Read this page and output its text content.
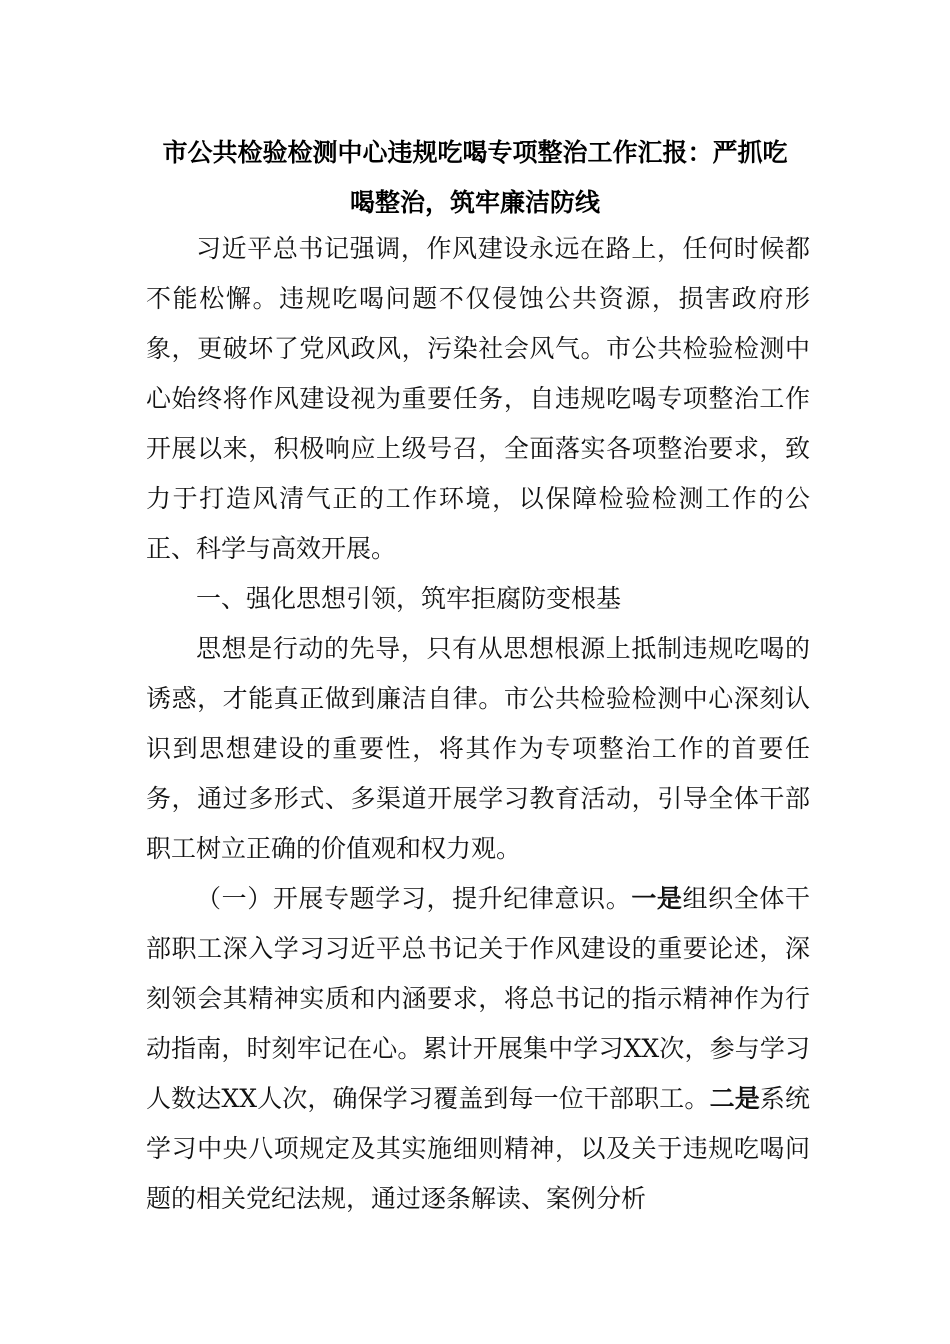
市公共检验检测中心违规吃喝专项整治工作汇报：严抓吃
喝整治，筑牢廉洁防线

习近平总书记强调，作风建设永远在路上，任何时候都不能松懈。违规吃喝问题不仅侵蚀公共资源，损害政府形象，更破坏了党风政风，污染社会风气。市公共检验检测中心始终将作风建设视为重要任务，自违规吃喝专项整治工作开展以来，积极响应上级号召，全面落实各项整治要求，致力于打造风清气正的工作环境，以保障检验检测工作的公正、科学与高效开展。

一、强化思想引领，筑牢拒腐防变根基

思想是行动的先导，只有从思想根源上抵制违规吃喝的诱惑，才能真正做到廉洁自律。市公共检验检测中心深刻认识到思想建设的重要性，将其作为专项整治工作的首要任务，通过多形式、多渠道开展学习教育活动，引导全体干部职工树立正确的价值观和权力观。

（一）开展专题学习，提升纪律意识。一是组织全体干部职工深入学习习近平总书记关于作风建设的重要论述，深刻领会其精神实质和内涵要求，将总书记的指示精神作为行动指南，时刻牢记在心。累计开展集中学习XX次，参与学习人数达XX人次，确保学习覆盖到每一位干部职工。二是系统学习中央八项规定及其实施细则精神，以及关于违规吃喝问题的相关党纪法规，通过逐条解读、案例分析
